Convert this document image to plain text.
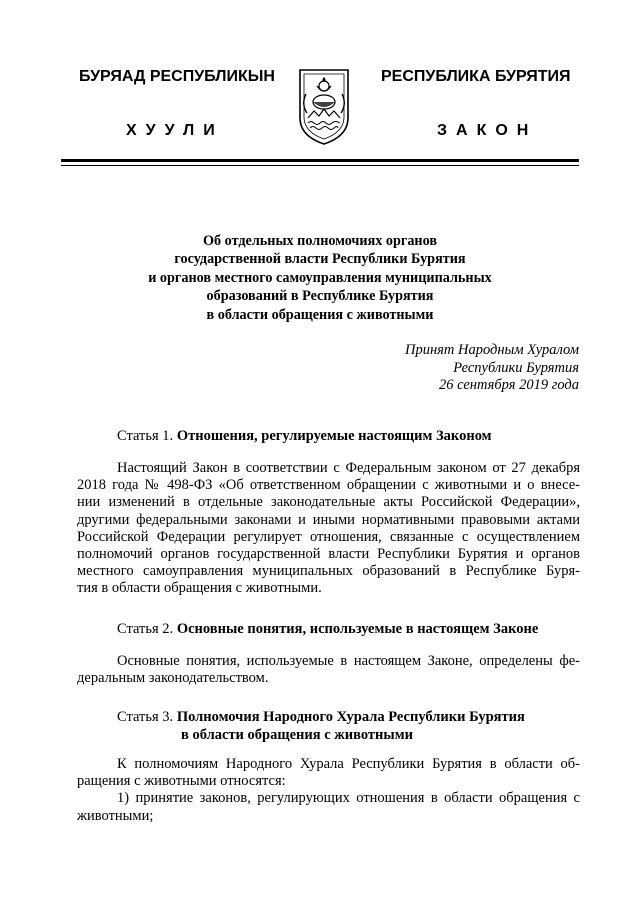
БУРЯАД РЕСПУБЛИКЫН
ХУУЛИ
РЕСПУБЛИКА БУРЯТИЯ
ЗАКОН
Об отдельных полномочиях органов
государственной власти Республики Бурятия
и органов местного самоуправления муниципальных
образований в Республике Бурятия
в области обращения с животными
Принят Народным Хуралом
Республики Бурятия
26 сентября 2019 года
Статья 1. Отношения, регулируемые настоящим Законом
Настоящий Закон в соответствии с Федеральным законом от 27 декабря
2018 года № 498-ФЗ «Об ответственном обращении с животными и о внесе-
нии изменений в отдельные законодательные акты Российской Федерации»,
другими федеральными законами и иными нормативными правовыми актами
Российской Федерации регулирует отношения, связанные с осуществлением
полномочий органов государственной власти Республики Бурятия и органов
местного самоуправления муниципальных образований в Республике Буря-
тия в области обращения с животными.
Статья 2. Основные понятия, используемые в настоящем Законе
Основные понятия, используемые в настоящем Законе, определены фе-
деральным законодательством.
Статья 3. Полномочия Народного Хурала Республики Бурятия
в области обращения с животными
К полномочиям Народного Хурала Республики Бурятия в области об-
ращения с животными относятся:
1) принятие законов, регулирующих отношения в области обращения с
животными;
